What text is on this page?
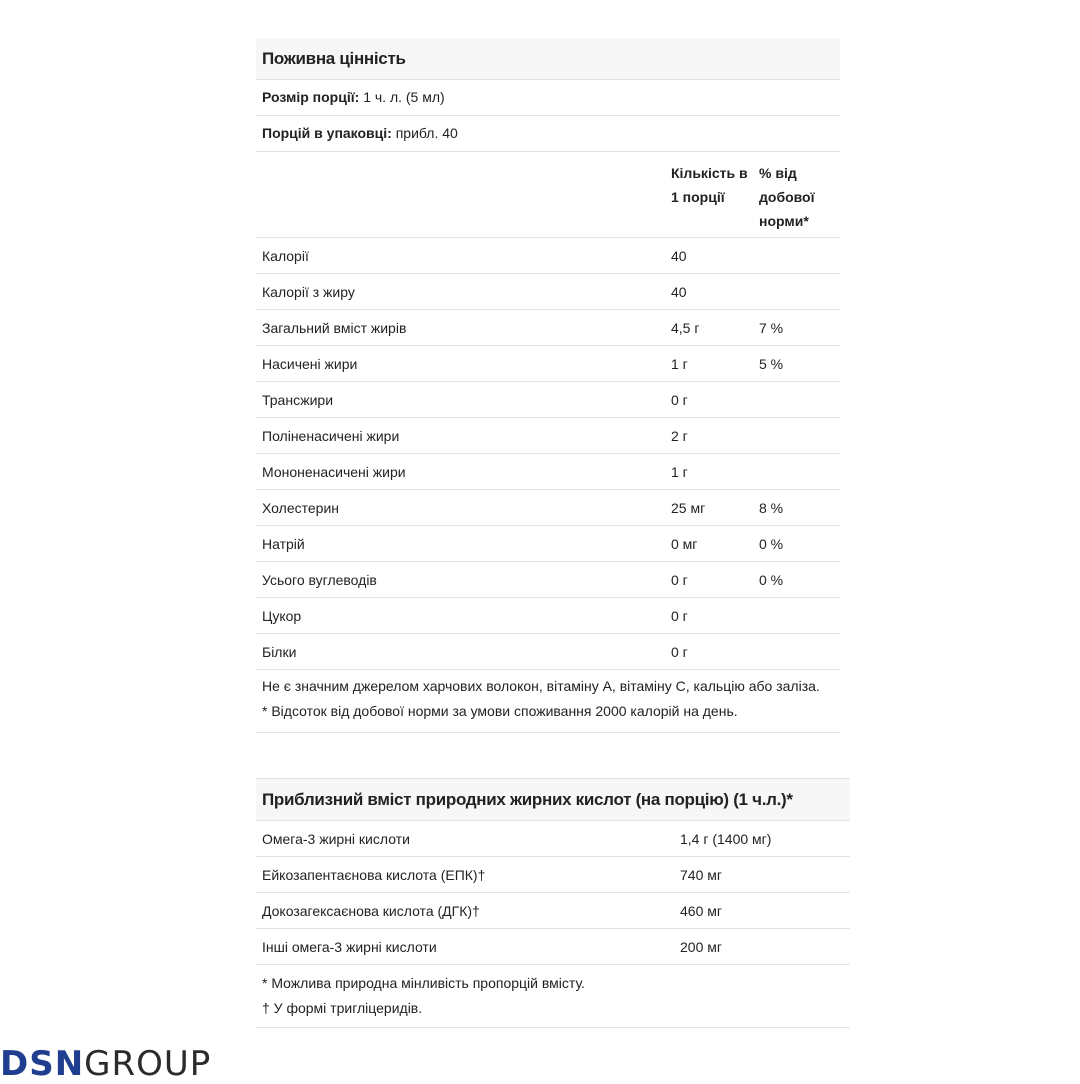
Поживна цінність
Розмір порції: 1 ч. л. (5 мл)
Порцій в упаковці: прибл. 40
Кількість в 1 порції
% від добової норми*
Калорії	40
Калорії з жиру	40
Загальний вміст жирів	4,5 г	7 %
Насичені жири	1 г	5 %
Трансжири	0 г
Поліненасичені жири	2 г
Мононенасичені жири	1 г
Холестерин	25 мг	8 %
Натрій	0 мг	0 %
Усього вуглеводів	0 г	0 %
Цукор	0 г
Білки	0 г
Не є значним джерелом харчових волокон, вітаміну А, вітаміну С, кальцію або заліза.
* Відсоток від добової норми за умови споживання 2000 калорій на день.
Приблизний вміст природних жирних кислот (на порцію) (1 ч.л.)*
Омега-3 жирні кислоти	1,4 г (1400 мг)
Ейкозапентаєнова кислота (ЕПК)†	740 мг
Докозагексаєнова кислота (ДГК)†	460 мг
Інші омега-3 жирні кислоти	200 мг
* Можлива природна мінливість пропорцій вмісту.
† У формі тригліцеридів.
DSNGROUP
